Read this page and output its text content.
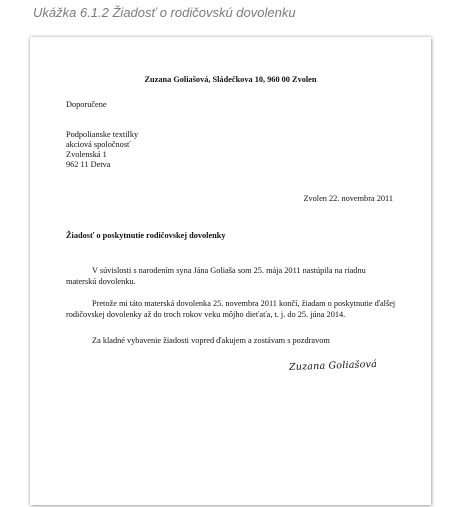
Ukážka 6.1.2 Žiadosť o rodičovskú dovolenku
Zuzana Goliašová, Sládečkova 10, 960 00 Zvolen
Doporučene
Podpolianske textilky
akciová spoločnosť
Zvolenská 1
962 11 Detva
Zvolen 22. novembra 2011
Žiadosť o poskytnutie rodičovskej dovolenky
V súvislosti s narodením syna Jána Goliaša som 25. mája 2011 nastúpila na riadnu materskú dovolenku.
Pretože mi táto materská dovolenka 25. novembra 2011 končí, žiadam o poskytnutie ďalšej rodičovskej dovolenky až do troch rokov veku môjho dieťaťa, t. j. do 25. júna 2014.
Za kladné vybavenie žiadosti vopred ďakujem a zostávam s pozdravom
Zuzana Goliašová
